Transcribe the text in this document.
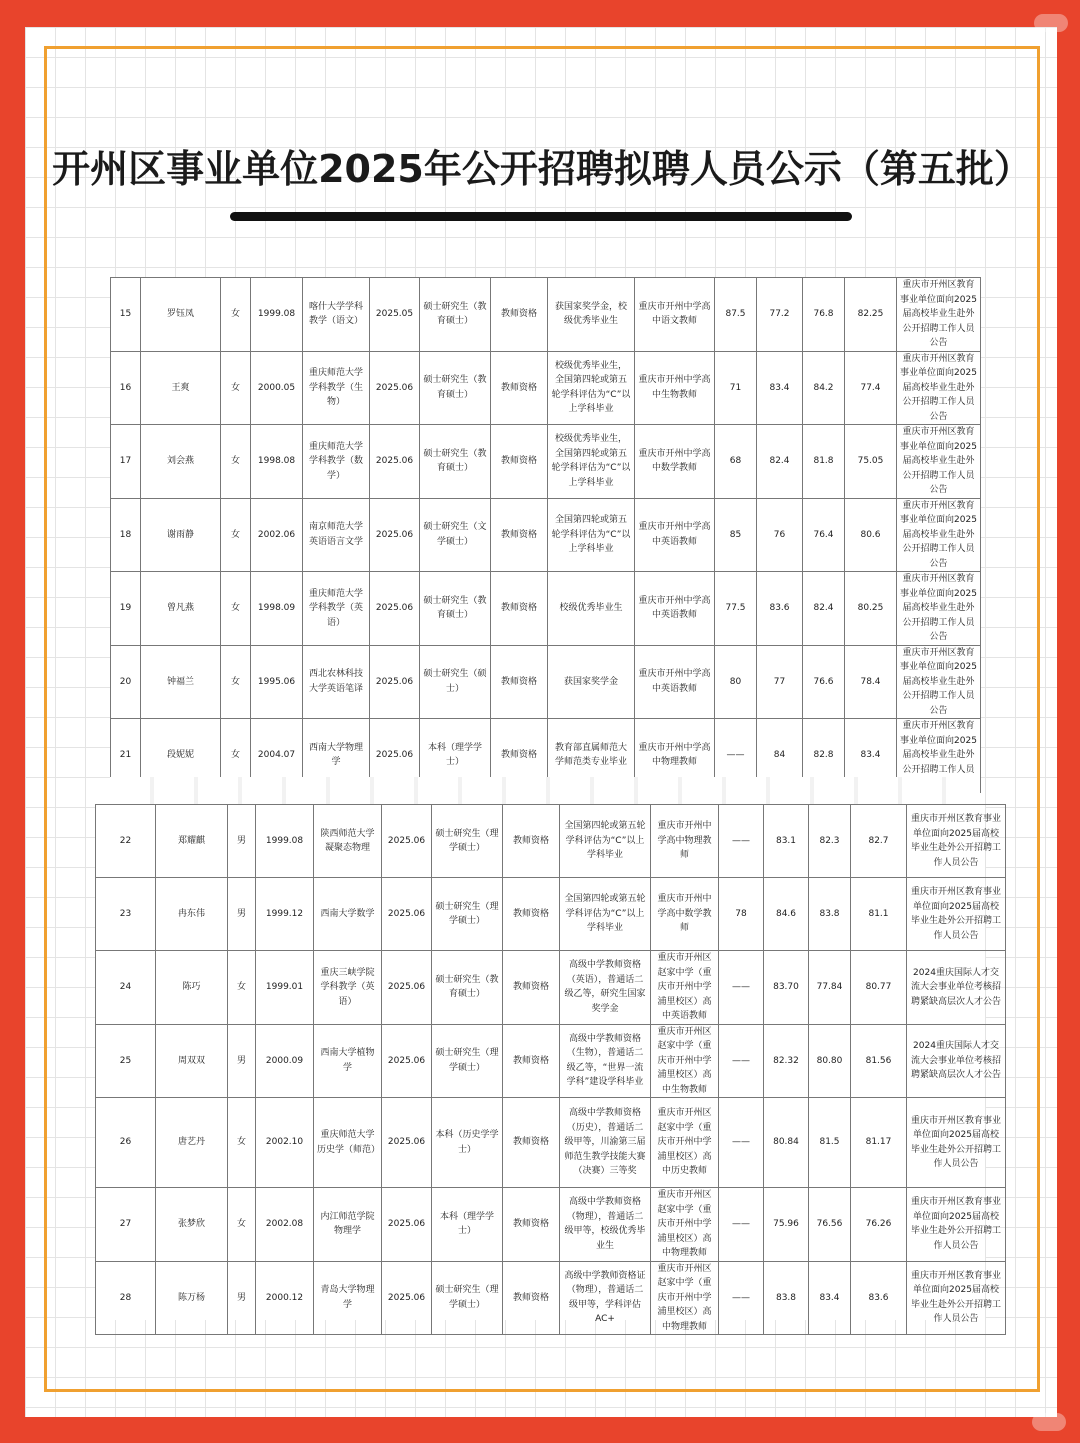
开州区事业单位2025年公开招聘拟聘人员公示（第五批）
15	罗钰凤	女	1999.08	喀什大学学科教学（语文）	2025.05	硕士研究生（教育硕士）	教师资格	获国家奖学金，校级优秀毕业生	重庆市开州中学高中语文教师	87.5	77.2	76.8	82.25	重庆市开州区教育事业单位面向2025届高校毕业生赴外公开招聘工作人员公告
16	王爽	女	2000.05	重庆师范大学学科教学（生物）	2025.06	硕士研究生（教育硕士）	教师资格	校级优秀毕业生，全国第四轮或第五轮学科评估为“C”以上学科毕业	重庆市开州中学高中生物教师	71	83.4	84.2	77.4	重庆市开州区教育事业单位面向2025届高校毕业生赴外公开招聘工作人员公告
17	刘会燕	女	1998.08	重庆师范大学学科教学（数学）	2025.06	硕士研究生（教育硕士）	教师资格	校级优秀毕业生，全国第四轮或第五轮学科评估为“C”以上学科毕业	重庆市开州中学高中数学教师	68	82.4	81.8	75.05	重庆市开州区教育事业单位面向2025届高校毕业生赴外公开招聘工作人员公告
18	谢雨静	女	2002.06	南京师范大学英语语言文学	2025.06	硕士研究生（文学硕士）	教师资格	全国第四轮或第五轮学科评估为“C”以上学科毕业	重庆市开州中学高中英语教师	85	76	76.4	80.6	重庆市开州区教育事业单位面向2025届高校毕业生赴外公开招聘工作人员公告
19	曾凡燕	女	1998.09	重庆师范大学学科教学（英语）	2025.06	硕士研究生（教育硕士）	教师资格	校级优秀毕业生	重庆市开州中学高中英语教师	77.5	83.6	82.4	80.25	重庆市开州区教育事业单位面向2025届高校毕业生赴外公开招聘工作人员公告
20	钟福兰	女	1995.06	西北农林科技大学英语笔译	2025.06	硕士研究生（硕士）	教师资格	获国家奖学金	重庆市开州中学高中英语教师	80	77	76.6	78.4	重庆市开州区教育事业单位面向2025届高校毕业生赴外公开招聘工作人员公告
21	段妮妮	女	2004.07	西南大学物理学	2025.06	本科（理学学士）	教师资格	教育部直属师范大学师范类专业毕业	重庆市开州中学高中物理教师	——	84	82.8	83.4	重庆市开州区教育事业单位面向2025届高校毕业生赴外公开招聘工作人员
22	郑耀麒	男	1999.08	陕西师范大学凝聚态物理	2025.06	硕士研究生（理学硕士）	教师资格	全国第四轮或第五轮学科评估为“C”以上学科毕业	重庆市开州中学高中物理教师	——	83.1	82.3	82.7	重庆市开州区教育事业单位面向2025届高校毕业生赴外公开招聘工作人员公告
23	冉东伟	男	1999.12	西南大学数学	2025.06	硕士研究生（理学硕士）	教师资格	全国第四轮或第五轮学科评估为“C”以上学科毕业	重庆市开州中学高中数学教师	78	84.6	83.8	81.1	重庆市开州区教育事业单位面向2025届高校毕业生赴外公开招聘工作人员公告
24	陈巧	女	1999.01	重庆三峡学院学科教学（英语）	2025.06	硕士研究生（教育硕士）	教师资格	高级中学教师资格（英语），普通话二级乙等，研究生国家奖学金	重庆市开州区赵家中学（重庆市开州中学浦里校区）高中英语教师	——	83.70	77.84	80.77	2024重庆国际人才交流大会事业单位考核招聘紧缺高层次人才公告
25	周双双	男	2000.09	西南大学植物学	2025.06	硕士研究生（理学硕士）	教师资格	高级中学教师资格（生物），普通话二级乙等，“世界一流学科”建设学科毕业	重庆市开州区赵家中学（重庆市开州中学浦里校区）高中生物教师	——	82.32	80.80	81.56	2024重庆国际人才交流大会事业单位考核招聘紧缺高层次人才公告
26	唐艺丹	女	2002.10	重庆师范大学历史学（师范）	2025.06	本科（历史学学士）	教师资格	高级中学教师资格（历史），普通话二级甲等，川渝第三届师范生教学技能大赛（决赛）三等奖	重庆市开州区赵家中学（重庆市开州中学浦里校区）高中历史教师	——	80.84	81.5	81.17	重庆市开州区教育事业单位面向2025届高校毕业生赴外公开招聘工作人员公告
27	张梦欣	女	2002.08	内江师范学院物理学	2025.06	本科（理学学士）	教师资格	高级中学教师资格（物理），普通话二级甲等，校级优秀毕业生	重庆市开州区赵家中学（重庆市开州中学浦里校区）高中物理教师	——	75.96	76.56	76.26	重庆市开州区教育事业单位面向2025届高校毕业生赴外公开招聘工作人员公告
28	陈万杨	男	2000.12	青岛大学物理学	2025.06	硕士研究生（理学硕士）	教师资格	高级中学教师资格证（物理），普通话二级甲等，学科评估AC+	重庆市开州区赵家中学（重庆市开州中学浦里校区）高中物理教师	——	83.8	83.4	83.6	重庆市开州区教育事业单位面向2025届高校毕业生赴外公开招聘工作人员公告
